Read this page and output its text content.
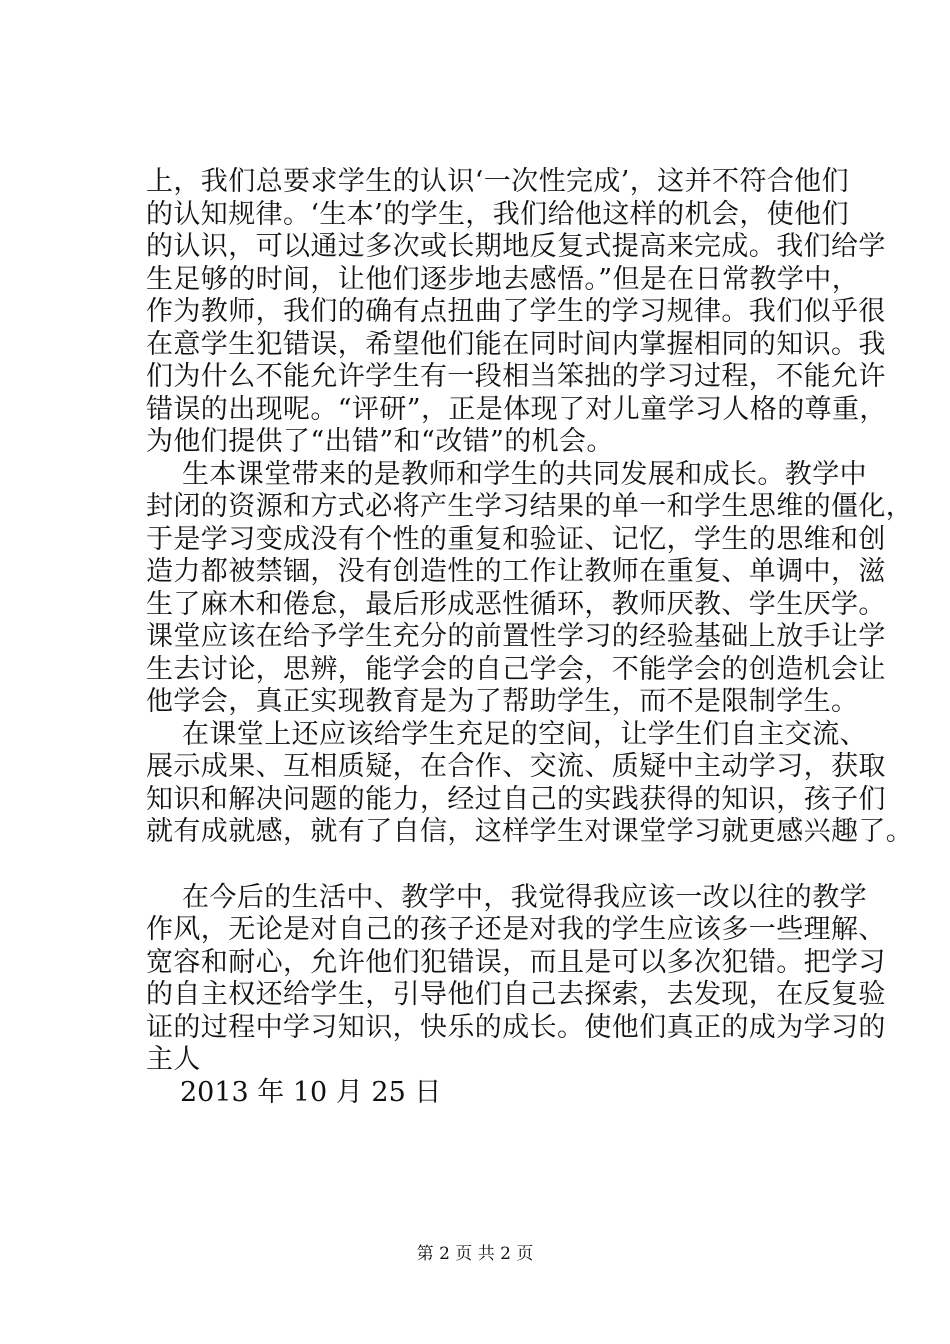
上，我们总要求学生的认识‘一次性完成’，这并不符合他们
的认知规律。‘生本’的学生，我们给他这样的机会，使他们
的认识，可以通过多次或长期地反复式提高来完成。我们给学
生足够的时间，让他们逐步地去感悟。”但是在日常教学中，
作为教师，我们的确有点扭曲了学生的学习规律。我们似乎很
在意学生犯错误，希望他们能在同时间内掌握相同的知识。我
们为什么不能允许学生有一段相当笨拙的学习过程，不能允许
错误的出现呢。“评研”，正是体现了对儿童学习人格的尊重，
为他们提供了“出错”和“改错”的机会。
生本课堂带来的是教师和学生的共同发展和成长。教学中
封闭的资源和方式必将产生学习结果的单一和学生思维的僵化，
于是学习变成没有个性的重复和验证、记忆，学生的思维和创
造力都被禁锢，没有创造性的工作让教师在重复、单调中，滋
生了麻木和倦怠，最后形成恶性循环，教师厌教、学生厌学。
课堂应该在给予学生充分的前置性学习的经验基础上放手让学
生去讨论，思辨，能学会的自己学会，不能学会的创造机会让
他学会，真正实现教育是为了帮助学生，而不是限制学生。
在课堂上还应该给学生充足的空间，让学生们自主交流、
展示成果、互相质疑，在合作、交流、质疑中主动学习，获取
知识和解决问题的能力，经过自己的实践获得的知识，孩子们
就有成就感，就有了自信，这样学生对课堂学习就更感兴趣了。
在今后的生活中、教学中，我觉得我应该一改以往的教学
作风，无论是对自己的孩子还是对我的学生应该多一些理解、
宽容和耐心，允许他们犯错误，而且是可以多次犯错。把学习
的自主权还给学生，引导他们自己去探索，去发现，在反复验
证的过程中学习知识，快乐的成长。使他们真正的成为学习的
主人
2013 年 10 月 25 日
第 2 页 共 2 页
